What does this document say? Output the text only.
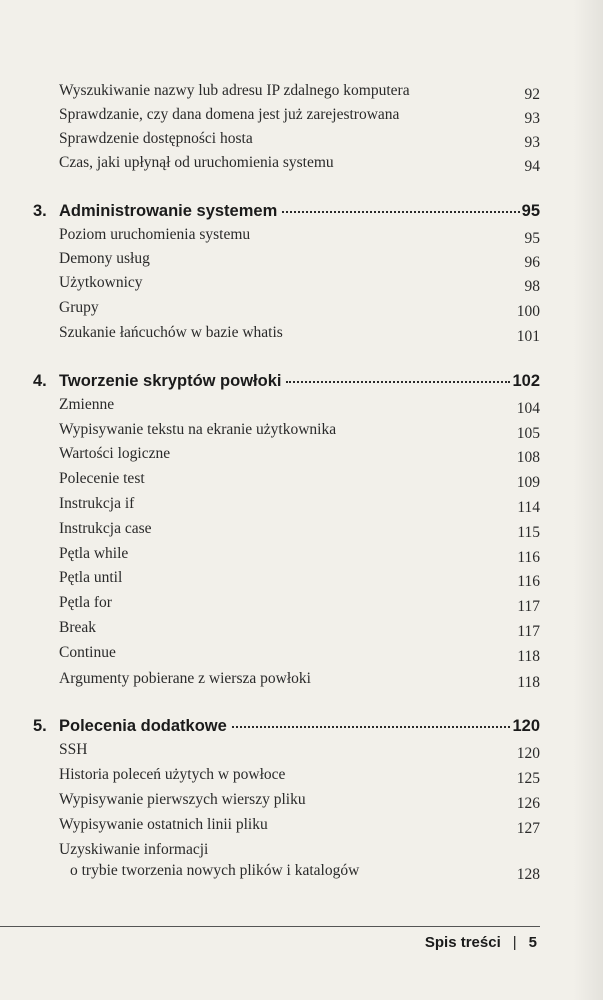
Wyszukiwanie nazwy lub adresu IP zdalnego komputera	92
Sprawdzanie, czy dana domena jest już zarejestrowana	93
Sprawdzenie dostępności hosta	93
Czas, jaki upłynął od uruchomienia systemu	94
3. Administrowanie systemem	95
Poziom uruchomienia systemu	95
Demony usług	96
Użytkownicy	98
Grupy	100
Szukanie łańcuchów w bazie whatis	101
4. Tworzenie skryptów powłoki	102
Zmienne	104
Wypisywanie tekstu na ekranie użytkownika	105
Wartości logiczne	108
Polecenie test	109
Instrukcja if	114
Instrukcja case	115
Pętla while	116
Pętla until	116
Pętla for	117
Break	117
Continue	118
Argumenty pobierane z wiersza powłoki	118
5. Polecenia dodatkowe	120
SSH	120
Historia poleceń użytych w powłoce	125
Wypisywanie pierwszych wierszy pliku	126
Wypisywanie ostatnich linii pliku	127
Uzyskiwanie informacji
o trybie tworzenia nowych plików i katalogów	128
Spis treści | 5
